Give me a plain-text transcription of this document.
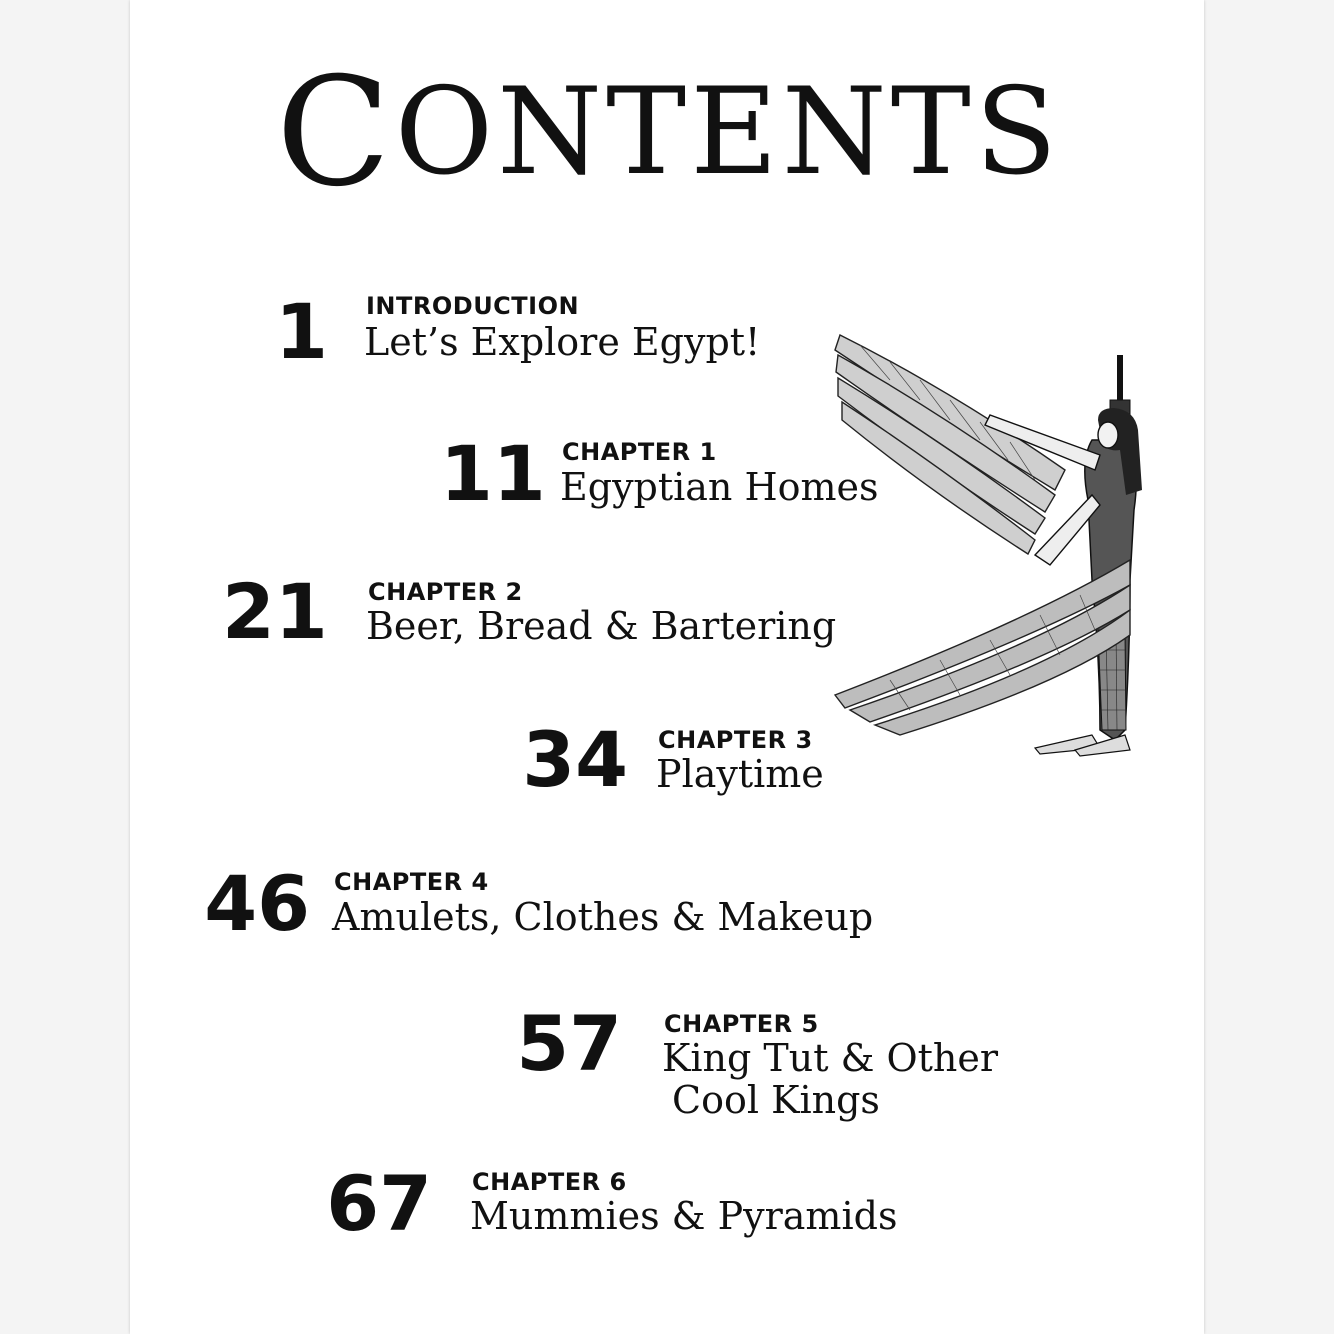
C ONTENTS
1 INTRODUCTION
Let’s Explore Egypt!
11 CHAPTER 1
Egyptian Homes
21 CHAPTER 2
Beer, Bread & Bartering
34 CHAPTER 3
Playtime
46 CHAPTER 4
Amulets, Clothes & Makeup
57 CHAPTER 5
King Tut & Other
Cool Kings
67 CHAPTER 6
Mummies & Pyramids
